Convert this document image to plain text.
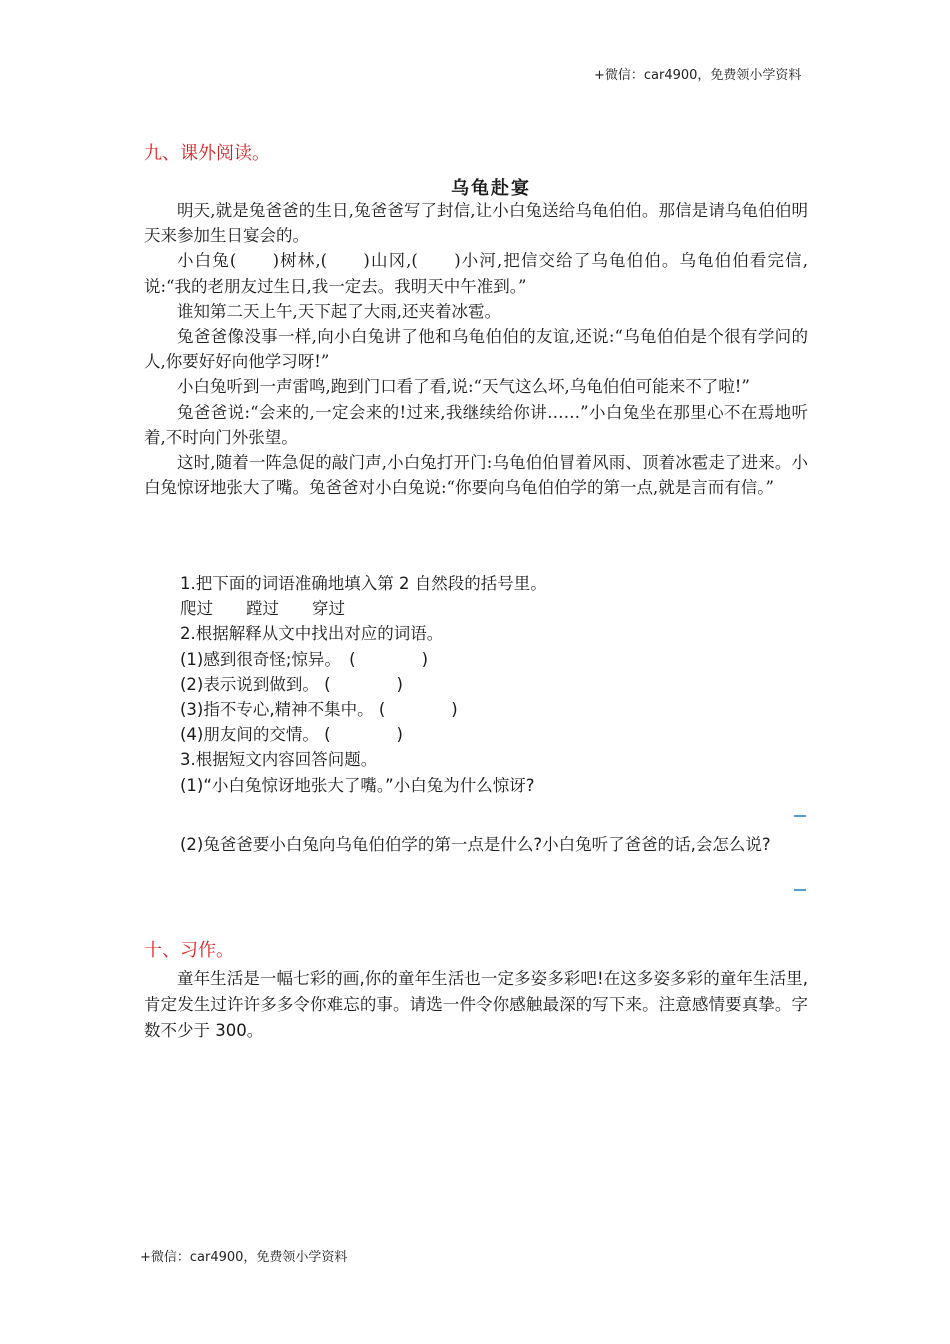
+微信：car4900，免费领小学资料
九、课外阅读。
乌龟赴宴

明天,就是兔爸爸的生日,兔爸爸写了封信,让小白兔送给乌龟伯伯。那信是请乌龟伯伯明天来参加生日宴会的。

小白兔(　　)树林,(　　)山冈,(　　)小河,把信交给了乌龟伯伯。乌龟伯伯看完信,说:“我的老朋友过生日,我一定去。我明天中午准到。”

谁知第二天上午,天下起了大雨,还夹着冰雹。

兔爸爸像没事一样,向小白兔讲了他和乌龟伯伯的友谊,还说:“乌龟伯伯是个很有学问的人,你要好好向他学习呀!”

小白兔听到一声雷鸣,跑到门口看了看,说:“天气这么坏,乌龟伯伯可能来不了啦!”

兔爸爸说:“会来的,一定会来的!过来,我继续给你讲……”小白兔坐在那里心不在焉地听着,不时向门外张望。

这时,随着一阵急促的敲门声,小白兔打开门:乌龟伯伯冒着风雨、顶着冰雹走了进来。小白兔惊讶地张大了嘴。兔爸爸对小白兔说:“你要向乌龟伯伯学的第一点,就是言而有信。”

1.把下面的词语准确地填入第 2 自然段的括号里。

爬过　　蹚过　　穿过

2.根据解释从文中找出对应的词语。

(1)感到很奇怪;惊异。　(　　　　)

(2)表示说到做到。 (　　　　)

(3)指不专心,精神不集中。 (　　　　)

(4)朋友间的交情。 (　　　　)

3.根据短文内容回答问题。

(1)“小白兔惊讶地张大了嘴。”小白兔为什么惊讶?

(2)兔爸爸要小白兔向乌龟伯伯学的第一点是什么?小白兔听了爸爸的话,会怎么说?

十、习作。

童年生活是一幅七彩的画,你的童年生活也一定多姿多彩吧!在这多姿多彩的童年生活里,肯定发生过许许多多令你难忘的事。请选一件令你感触最深的写下来。注意感情要真挚。字数不少于 300。

+微信：car4900，免费领小学资料
